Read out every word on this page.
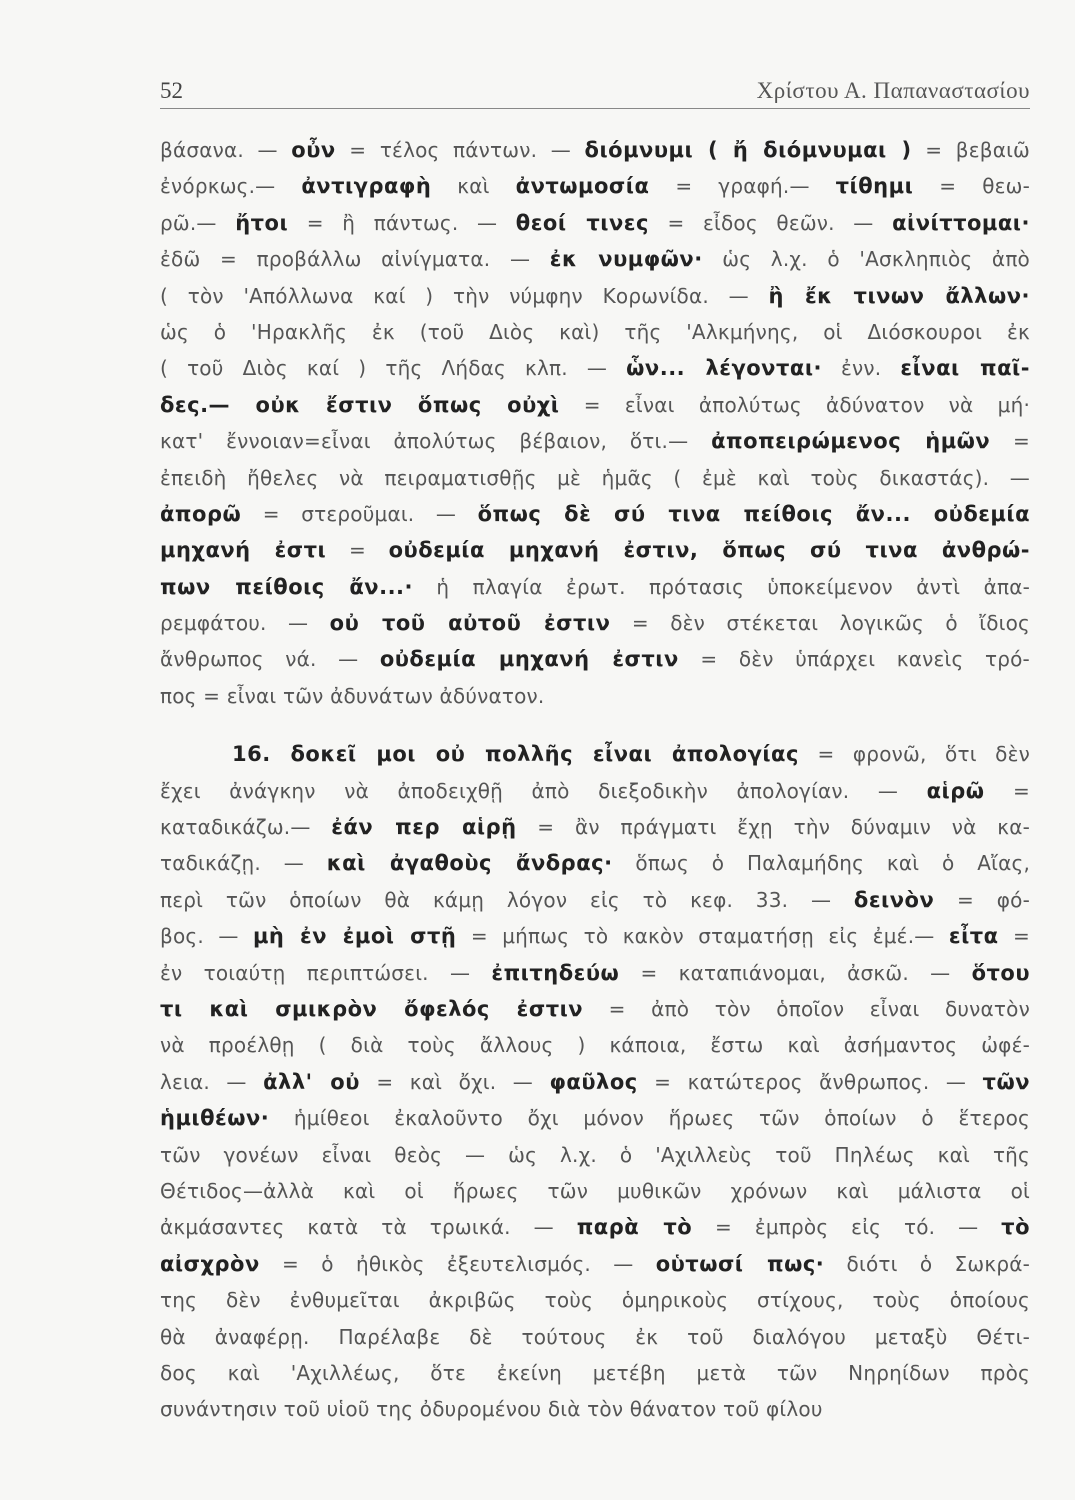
52	Χρίστου Α. Παπαναστασίου
βάσανα. — οὖν = τέλος πάντων. — διόμνυμι ( ἤ διόμνυμαι ) = βεβαιῶ
ἐνόρκως.— ἀντιγραφὴ καὶ ἀντωμοσία = γραφή.— τίθημι = θεω-
ρῶ.— ἤτοι = ἢ πάντως. — θεοί τινες = εἶδος θεῶν. — αἰνίττομαι·
ἐδῶ = προβάλλω αἰνίγματα. — ἐκ νυμφῶν· ὡς λ.χ. ὁ 'Ασκληπιὸς ἀπὸ
( τὸν 'Απόλλωνα καί ) τὴν νύμφην Κορωνίδα. — ἢ ἔκ τινων ἄλλων·
ὡς ὁ 'Ηρακλῆς ἐκ (τοῦ Διὸς καὶ) τῆς 'Αλκμήνης, οἱ Διόσκουροι ἐκ
( τοῦ Διὸς καί ) τῆς Λήδας κλπ. — ὧν... λέγονται· ἐνν. εἶναι παῖ-
δες.— οὐκ ἔστιν ὅπως οὐχὶ = εἶναι ἀπολύτως ἀδύνατον νὰ μή·
κατ' ἔννοιαν=εἶναι ἀπολύτως βέβαιον, ὅτι.— ἀποπειρώμενος ἡμῶν =
ἐπειδὴ ἤθελες νὰ πειραματισθῇς μὲ ἡμᾶς ( ἐμὲ καὶ τοὺς δικαστάς). —
ἀπορῶ = στεροῦμαι. — ὅπως δὲ σύ τινα πείθοις ἄν... οὐδεμία
μηχανή ἐστι = οὐδεμία μηχανή ἐστιν, ὅπως σύ τινα ἀνθρώ-
πων πείθοις ἄν...· ἡ πλαγία ἐρωτ. πρότασις ὑποκείμενον ἀντὶ ἀπα-
ρεμφάτου. — οὐ τοῦ αὐτοῦ ἐστιν = δὲν στέκεται λογικῶς ὁ ἴδιος
ἄνθρωπος νά. — οὐδεμία μηχανή ἐστιν = δὲν ὑπάρχει κανεὶς τρό-
πος = εἶναι τῶν ἀδυνάτων ἀδύνατον.
16. δοκεῖ μοι οὐ πολλῆς εἶναι ἀπολογίας = φρονῶ, ὅτι δὲν
ἔχει ἀνάγκην νὰ ἀποδειχθῇ ἀπὸ διεξοδικὴν ἀπολογίαν. — αἱρῶ =
καταδικάζω.— ἐάν περ αἱρῇ = ἂν πράγματι ἔχῃ τὴν δύναμιν νὰ κα-
ταδικάζῃ. — καὶ ἀγαθοὺς ἄνδρας· ὅπως ὁ Παλαμήδης καὶ ὁ Αἴας,
περὶ τῶν ὁποίων θὰ κάμῃ λόγον εἰς τὸ κεφ. 33. — δεινὸν = φό-
βος. — μὴ ἐν ἐμοὶ στῇ = μήπως τὸ κακὸν σταματήσῃ εἰς ἐμέ.— εἶτα =
ἐν τοιαύτῃ περιπτώσει. — ἐπιτηδεύω = καταπιάνομαι, ἀσκῶ. — ὅτου
τι καὶ σμικρὸν ὄφελός ἐστιν = ἀπὸ τὸν ὁποῖον εἶναι δυνατὸν
νὰ προέλθῃ ( διὰ τοὺς ἄλλους ) κάποια, ἔστω καὶ ἀσήμαντος ὠφέ-
λεια. — ἀλλ' οὐ = καὶ ὄχι. — φαῦλος = κατώτερος ἄνθρωπος. — τῶν
ἡμιθέων· ἡμίθεοι ἐκαλοῦντο ὄχι μόνον ἥρωες τῶν ὁποίων ὁ ἕτερος
τῶν γονέων εἶναι θεὸς — ὡς λ.χ. ὁ 'Αχιλλεὺς τοῦ Πηλέως καὶ τῆς
Θέτιδος—ἀλλὰ καὶ οἱ ἥρωες τῶν μυθικῶν χρόνων καὶ μάλιστα οἱ
ἀκμάσαντες κατὰ τὰ τρωικά. — παρὰ τὸ = ἐμπρὸς εἰς τό. — τὸ
αἰσχρὸν = ὁ ἠθικὸς ἐξευτελισμός. — οὑτωσί πως· διότι ὁ Σωκρά-
της δὲν ἐνθυμεῖται ἀκριβῶς τοὺς ὁμηρικοὺς στίχους, τοὺς ὁποίους
θὰ ἀναφέρῃ. Παρέλαβε δὲ τούτους ἐκ τοῦ διαλόγου μεταξὺ Θέτι-
δος καὶ 'Αχιλλέως, ὅτε ἐκείνη μετέβη μετὰ τῶν Νηρηίδων πρὸς
συνάντησιν τοῦ υἱοῦ της ὀδυρομένου διὰ τὸν θάνατον τοῦ φίλου
